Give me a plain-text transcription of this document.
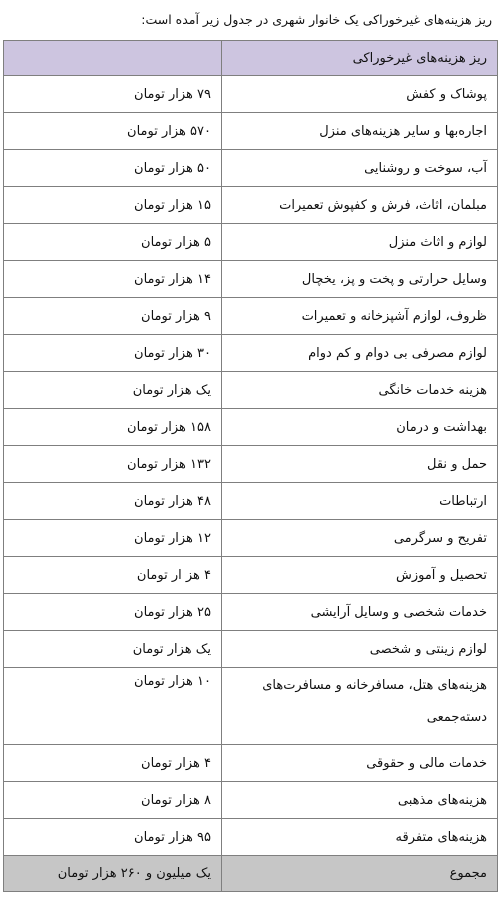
ریز هزینه‌های غیرخوراکی یک خانوار شهری در جدول زیر آمده است:
ریز هزینه‌های غیرخوراکی	
پوشاک و کفش	۷۹ هزار تومان
اجاره‌بها و سایر هزینه‌های منزل	۵۷۰ هزار تومان
آب، سوخت و روشنایی	۵۰ هزار تومان
مبلمان، اثاث، فرش و کفپوش تعمیرات	۱۵ هزار تومان
لوازم و اثاث منزل	۵ هزار تومان
وسایل حرارتی و پخت و پز، یخچال	۱۴ هزار تومان
ظروف، لوازم آشپزخانه و تعمیرات	۹ هزار تومان
لوازم مصرفی بی دوام و کم دوام	۳۰ هزار تومان
هزینه خدمات خانگی	یک هزار تومان
بهداشت و درمان	۱۵۸ هزار تومان
حمل و نقل	۱۳۲ هزار تومان
ارتباطات	۴۸ هزار تومان
تفریح و سرگرمی	۱۲ هزار تومان
تحصیل و آموزش	۴ هز ار تومان
خدمات شخصی و وسایل آرایشی	۲۵ هزار تومان
لوازم زینتی و شخصی	یک هزار تومان
هزینه‌های هتل، مسافرخانه و مسافرت‌های دسته‌جمعی	۱۰ هزار تومان
خدمات مالی و حقوقی	۴ هزار تومان
هزینه‌های مذهبی	۸ هزار تومان
هزینه‌های متفرقه	۹۵ هزار تومان
مجموع	یک میلیون و ۲۶۰ هزار تومان
